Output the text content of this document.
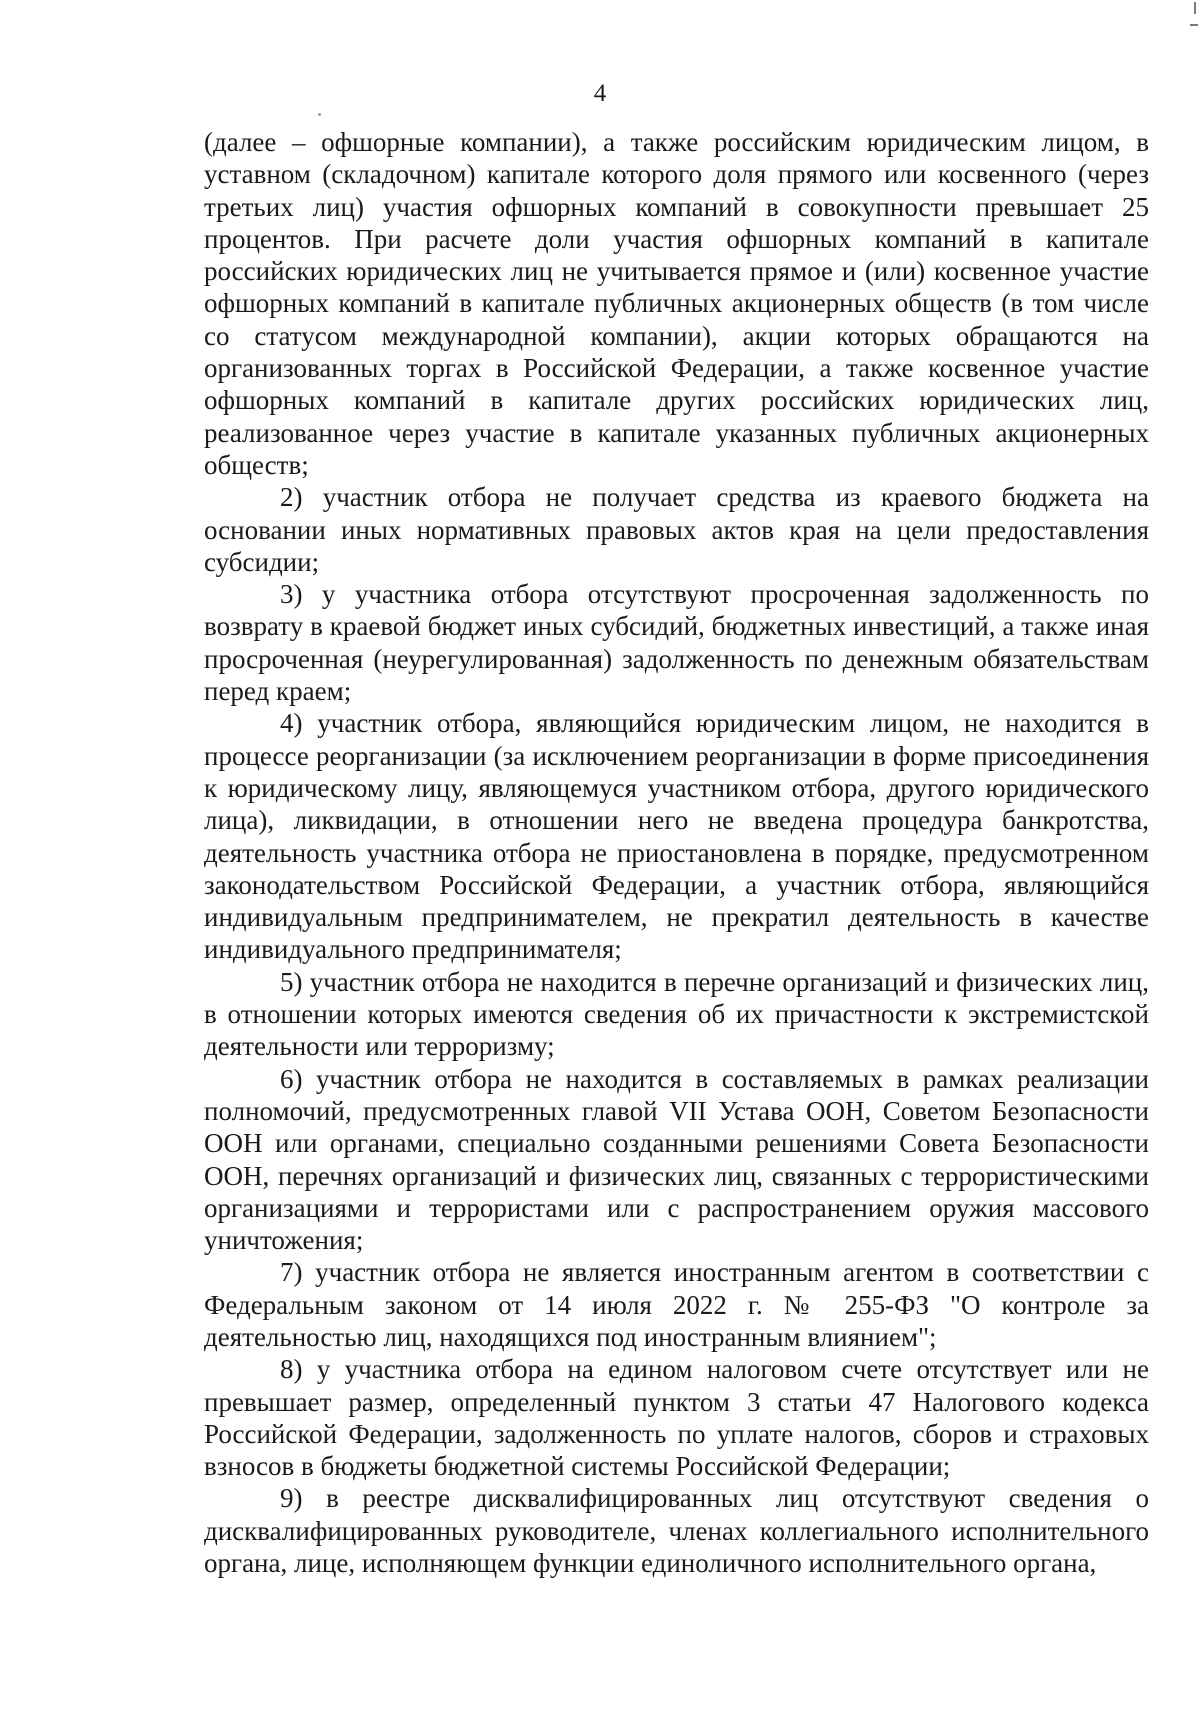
4

(далее – офшорные компании), а также российским юридическим лицом, в уставном (складочном) капитале которого доля прямого или косвенного (через третьих лиц) участия офшорных компаний в совокупности превышает 25 процентов. При расчете доли участия офшорных компаний в капитале российских юридических лиц не учитывается прямое и (или) косвенное участие офшорных компаний в капитале публичных акционерных обществ (в том числе со статусом международной компании), акции которых обращаются на организованных торгах в Российской Федерации, а также косвенное участие офшорных компаний в капитале других российских юридических лиц, реализованное через участие в капитале указанных публичных акционерных обществ;

2) участник отбора не получает средства из краевого бюджета на основании иных нормативных правовых актов края на цели предоставления субсидии;

3) у участника отбора отсутствуют просроченная задолженность по возврату в краевой бюджет иных субсидий, бюджетных инвестиций, а также иная просроченная (неурегулированная) задолженность по денежным обязательствам перед краем;

4) участник отбора, являющийся юридическим лицом, не находится в процессе реорганизации (за исключением реорганизации в форме присоединения к юридическому лицу, являющемуся участником отбора, другого юридического лица), ликвидации, в отношении него не введена процедура банкротства, деятельность участника отбора не приостановлена в порядке, предусмотренном законодательством Российской Федерации, а участник отбора, являющийся индивидуальным предпринимателем, не прекратил деятельность в качестве индивидуального предпринимателя;

5) участник отбора не находится в перечне организаций и физических лиц, в отношении которых имеются сведения об их причастности к экстремистской деятельности или терроризму;

6) участник отбора не находится в составляемых в рамках реализации полномочий, предусмотренных главой VII Устава ООН, Советом Безопасности ООН или органами, специально созданными решениями Совета Безопасности ООН, перечнях организаций и физических лиц, связанных с террористическими организациями и террористами или с распространением оружия массового уничтожения;

7) участник отбора не является иностранным агентом в соответствии с Федеральным законом от 14 июля 2022 г. № 255-ФЗ "О контроле за деятельностью лиц, находящихся под иностранным влиянием";

8) у участника отбора на едином налоговом счете отсутствует или не превышает размер, определенный пунктом 3 статьи 47 Налогового кодекса Российской Федерации, задолженность по уплате налогов, сборов и страховых взносов в бюджеты бюджетной системы Российской Федерации;

9) в реестре дисквалифицированных лиц отсутствуют сведения о дисквалифицированных руководителе, членах коллегиального исполнительного органа, лице, исполняющем функции единоличного исполнительного органа,
